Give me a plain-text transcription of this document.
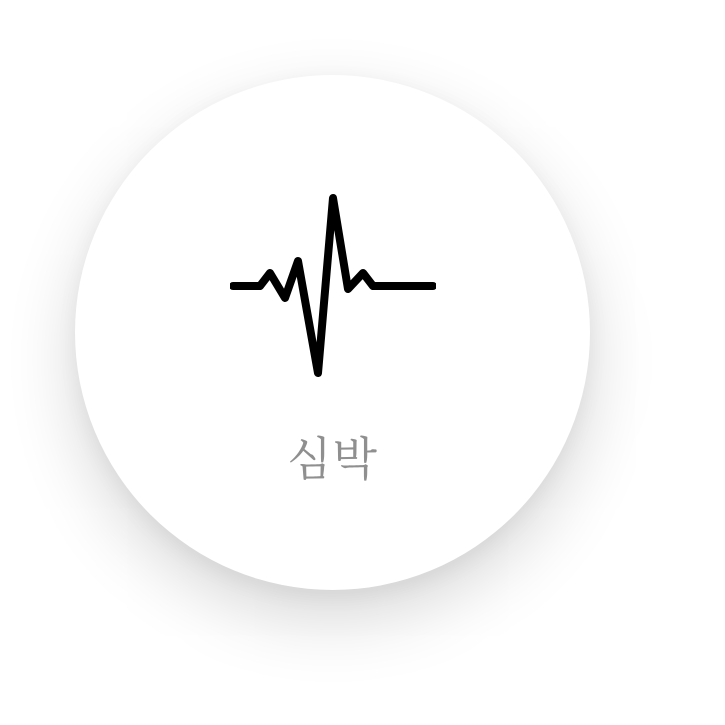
심박
